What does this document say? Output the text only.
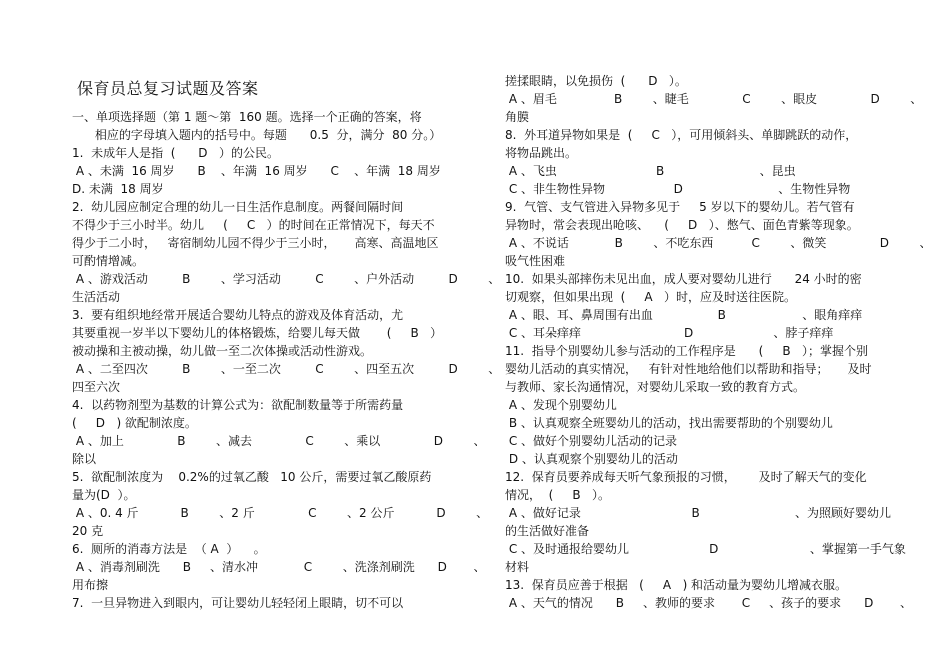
保育员总复习试题及答案
一、单项选择题（第 1 题～第  160 题。选择一个正确的答案，将
相应的字母填入题内的括号中。每题      0.5  分，满分  80 分。）
1.  未成年人是指  (      D   ）的公民。
A 、未满  16 周岁      B    、年满  16 周岁      C    、年满  18 周岁
D. 未满  18 周岁
2.  幼儿园应制定合理的幼儿一日生活作息制度。两餐间隔时间
不得少于三小时半。幼儿     (     C   ）的时间在正常情况下，每天不
得少于二小时，   寄宿制幼儿园不得少于三小时，     高寒、高温地区
可酌情增减。
A 、游戏活动         B        、学习活动         C        、户外活动         D        、
生活活动
3.  要有组织地经常开展适合婴幼儿特点的游戏及体育活动，尤
其要重视一岁半以下婴幼儿的体格锻炼，给婴儿每天做       (     B   ）
被动操和主被动操，幼儿做一至二次体操或活动性游戏。
A 、二至四次         B        、一至二次         C        、四至五次         D        、
四至六次
4.  以药物剂型为基数的计算公式为：欲配制数量等于所需药量
(     D   ) 欲配制浓度。
A 、加上              B        、减去              C        、乘以              D        、
除以
5.  欲配制浓度为    0.2%的过氧乙酸   10 公斤，需要过氧乙酸原药
量为(D  ）。
A 、0. 4 斤           B        、2 斤              C        、2 公斤           D        、
20 克
6.  厕所的消毒方法是  （ A  ）    。
A 、消毒剂刷洗      B     、清水冲            C        、洗涤剂刷洗      D       、
用布擦
7.  一旦异物进入到眼内，可让婴幼儿轻轻闭上眼睛，切不可以
搓揉眼睛，以免损伤  (      D   ）。
A 、眉毛               B        、睫毛              C        、眼皮              D        、
角膜
8.  外耳道异物如果是  (     C   ），可用倾斜头、单脚跳跃的动作，
将物品跳出。
A 、飞虫                          B                         、昆虫
C 、非生物性异物                  D                         、生物性异物
9.  气管、支气管进入异物多见于     5 岁以下的婴幼儿。若气管有
异物时，常会表现出呛咳、    (     D   ）、憋气、面色青紫等现象。
A 、不说话            B        、不吃东西          C        、微笑              D        、
吸气性困难
10.  如果头部摔伤未见出血，成人要对婴幼儿进行      24 小时的密
切观察，但如果出现  (     A   ）时，应及时送往医院。
A 、眼、耳、鼻周围有出血                 B                    、眼角痒痒
C 、耳朵痒痒                           D                     、脖子痒痒
11.  指导个别婴幼儿参与活动的工作程序是      (     B   ）；掌握个别
婴幼儿活动的真实情况，   有针对性地给他们以帮助和指导；     及时
与教师、家长沟通情况，对婴幼儿采取一致的教育方式。
A 、发现个别婴幼儿
B 、认真观察全班婴幼儿的活动，找出需要帮助的个别婴幼儿
C 、做好个别婴幼儿活动的记录
D 、认真观察个别婴幼儿的活动
12.  保育员要养成每天听气象预报的习惯，      及时了解天气的变化
情况，  (     B   ）。
A 、做好记录                             B                         、为照顾好婴幼儿
的生活做好准备
C 、及时通报给婴幼儿                     D                        、掌握第一手气象
材料
13.  保育员应善于根据   (     A   ) 和活动量为婴幼儿增减衣服。
A 、天气的情况      B     、教师的要求       C     、孩子的要求      D       、
